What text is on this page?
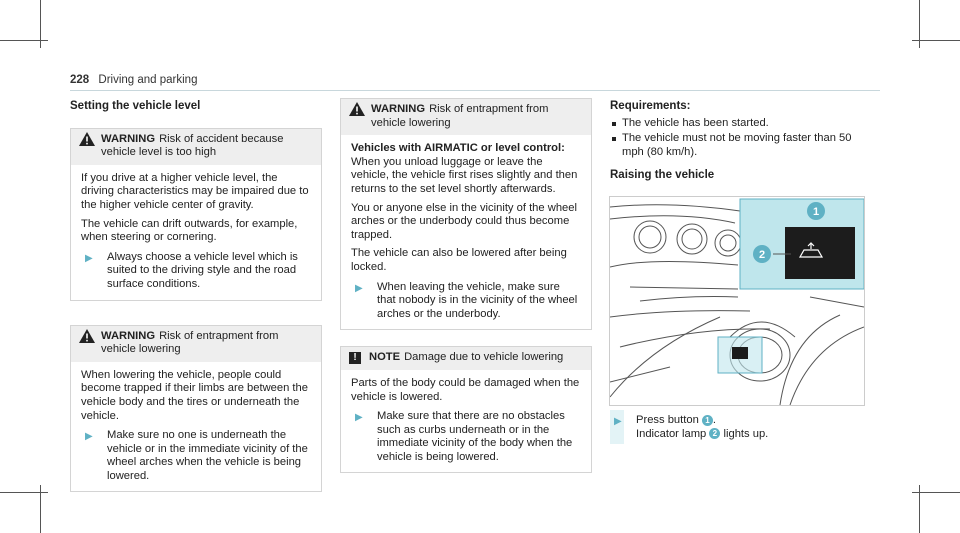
228 Driving and parking

Setting the vehicle level

WARNING Risk of accident because vehicle level is too high

If you drive at a higher vehicle level, the driving characteristics may be impaired due to the higher vehicle center of gravity.

The vehicle can drift outwards, for example, when steering or cornering.

▶	Always choose a vehicle level which is suited to the driving style and the road surface conditions.
WARNING Risk of entrapment from vehicle lowering

When lowering the vehicle, people could become trapped if their limbs are between the vehicle body and the tires or underneath the vehicle.

▶	Make sure no one is underneath the vehicle or in the immediate vicinity of the wheel arches when the vehicle is being lowered.
WARNING Risk of entrapment from vehicle lowering

Vehicles with AIRMATIC or level control:

When you unload luggage or leave the vehicle, the vehicle first rises slightly and then returns to the set level shortly afterwards.

You or anyone else in the vicinity of the wheel arches or the underbody could thus become trapped.

The vehicle can also be lowered after being locked.

▶	When leaving the vehicle, make sure that nobody is in the vicinity of the wheel arches or the underbody.
!	NOTE Damage due to vehicle lowering

Parts of the body could be damaged when the vehicle is lowered.

▶	Make sure that there are no obstacles such as curbs underneath or in the immediate vicinity of the body when the vehicle is being lowered.

Requirements:

The vehicle has been started.
The vehicle must not be moving faster than 50 mph (80 km/h).

Raising the vehicle

1
2
▶	Press button 1 .
Indicator lamp 2 lights up.
